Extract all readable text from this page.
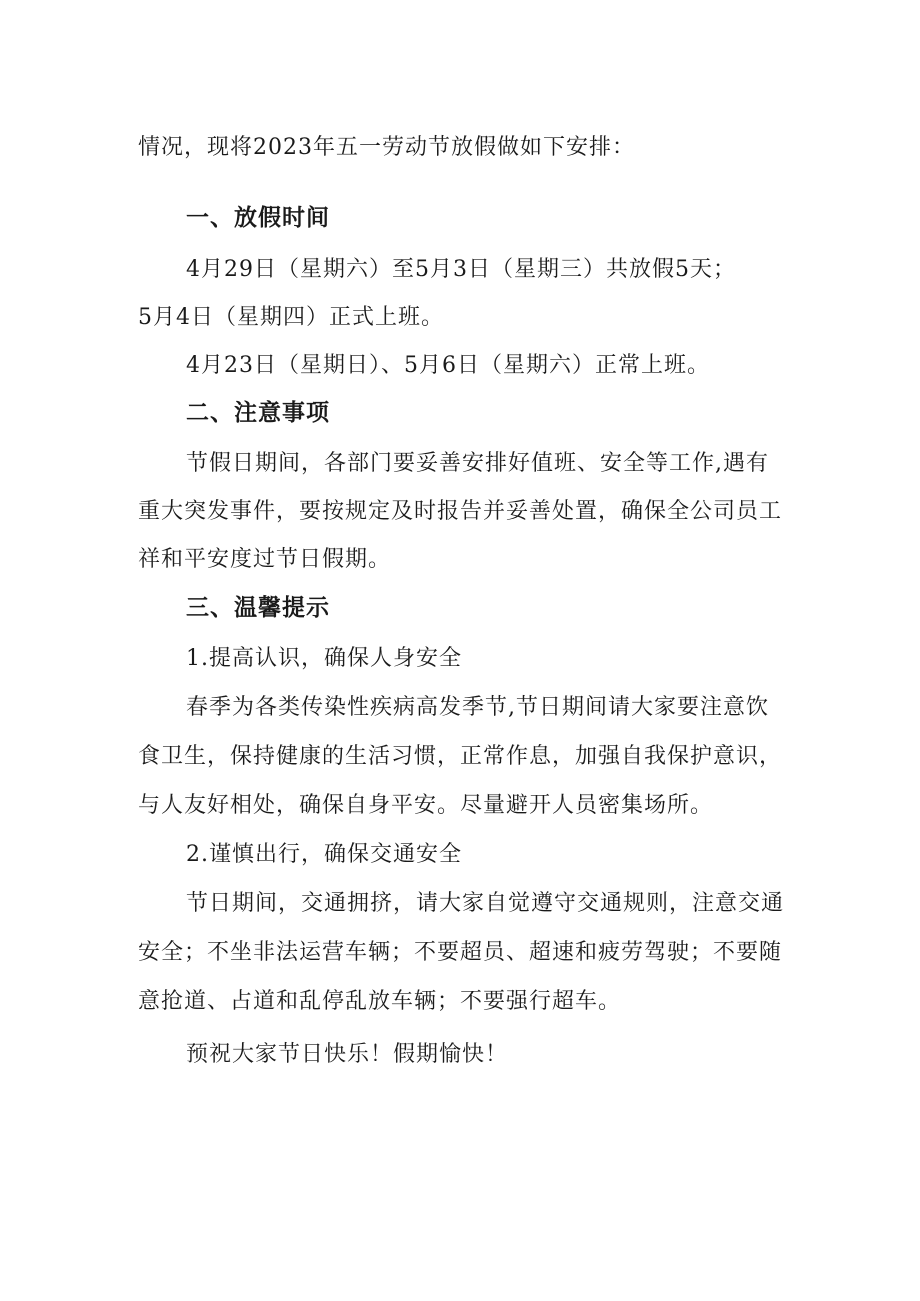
情况，现将2023年五一劳动节放假做如下安排：
一、放假时间
4月29日（星期六）至5月3日（星期三）共放假5天；
5月4日（星期四）正式上班。
4月23日（星期日）、5月6日（星期六）正常上班。
二、注意事项
节假日期间，各部门要妥善安排好值班、安全等工作,遇有
重大突发事件，要按规定及时报告并妥善处置，确保全公司员工
祥和平安度过节日假期。
三、温馨提示
1.提高认识，确保人身安全
春季为各类传染性疾病高发季节,节日期间请大家要注意饮
食卫生，保持健康的生活习惯，正常作息，加强自我保护意识，
与人友好相处，确保自身平安。尽量避开人员密集场所。
2.谨慎出行，确保交通安全
节日期间，交通拥挤，请大家自觉遵守交通规则，注意交通
安全；不坐非法运营车辆；不要超员、超速和疲劳驾驶；不要随
意抢道、占道和乱停乱放车辆；不要强行超车。
预祝大家节日快乐！假期愉快！
